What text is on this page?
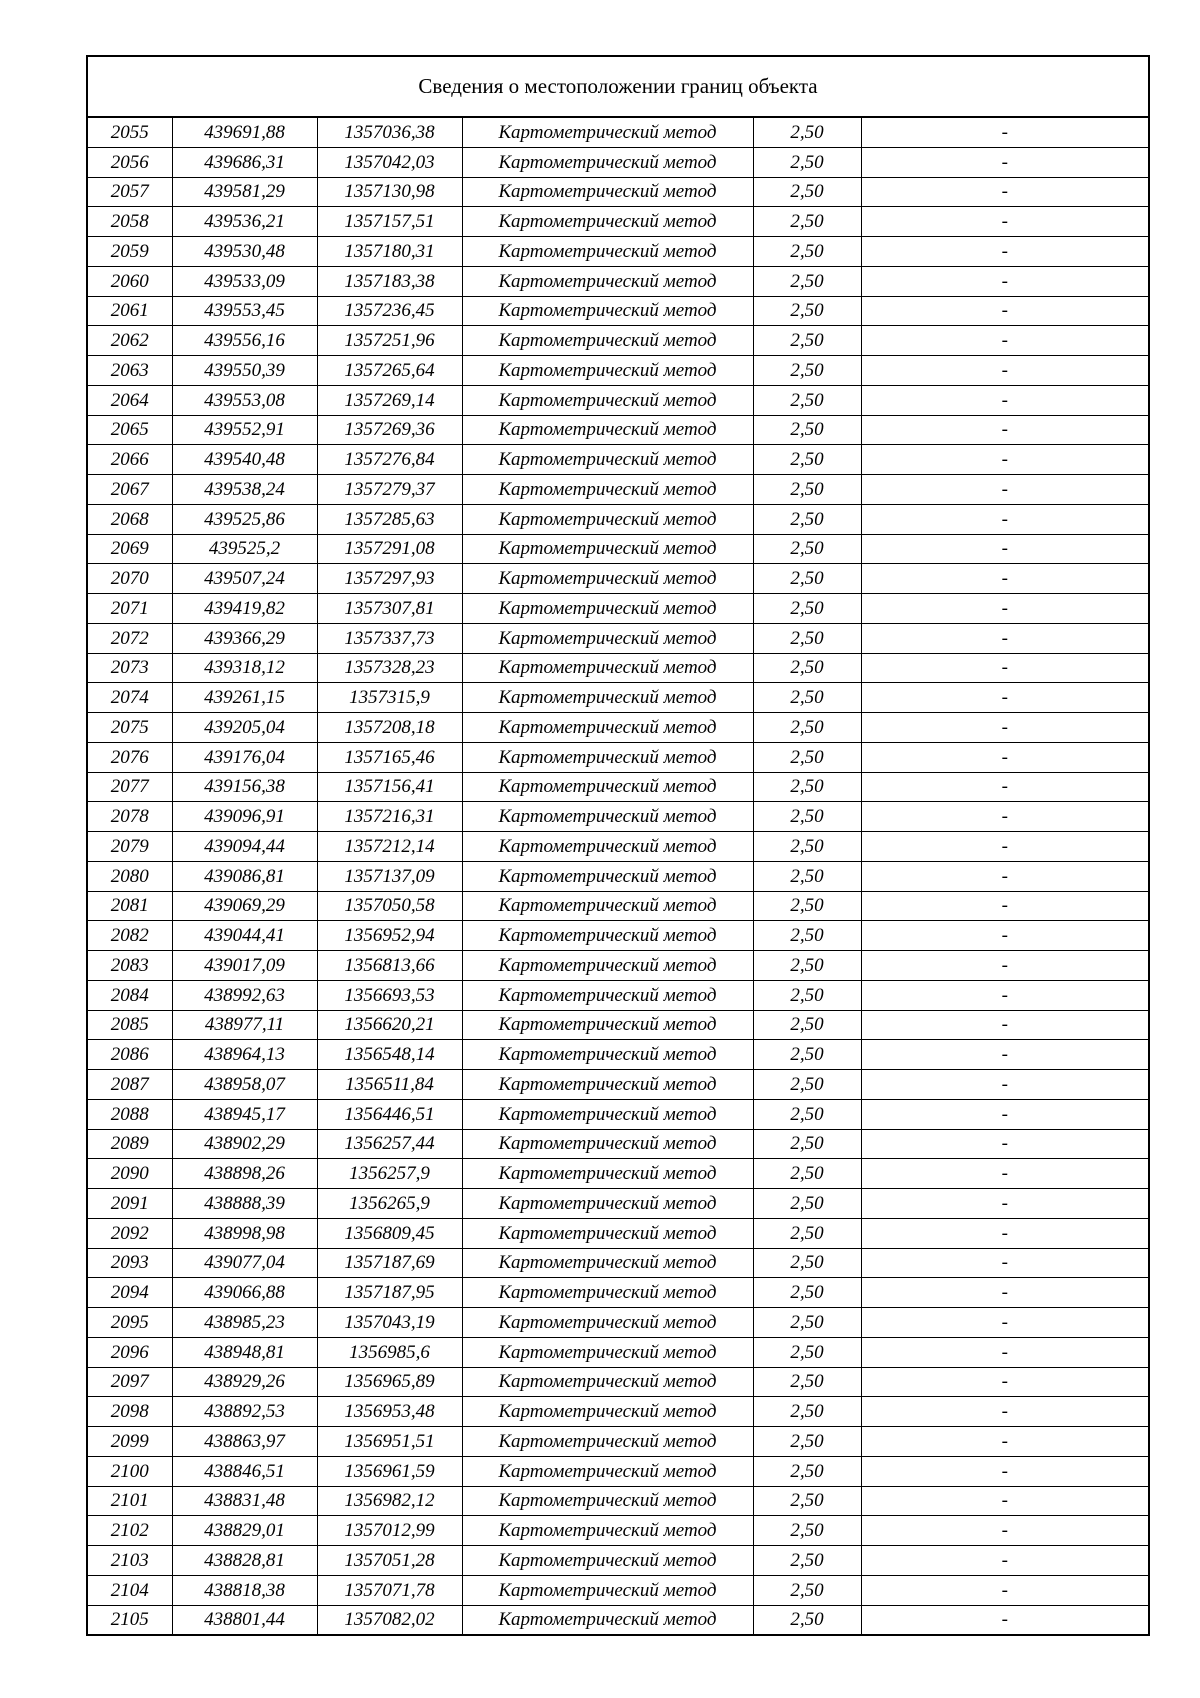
Сведения о местоположении границ объекта					
2055	439691,88	1357036,38	Картометрический метод	2,50	-
2056	439686,31	1357042,03	Картометрический метод	2,50	-
2057	439581,29	1357130,98	Картометрический метод	2,50	-
2058	439536,21	1357157,51	Картометрический метод	2,50	-
2059	439530,48	1357180,31	Картометрический метод	2,50	-
2060	439533,09	1357183,38	Картометрический метод	2,50	-
2061	439553,45	1357236,45	Картометрический метод	2,50	-
2062	439556,16	1357251,96	Картометрический метод	2,50	-
2063	439550,39	1357265,64	Картометрический метод	2,50	-
2064	439553,08	1357269,14	Картометрический метод	2,50	-
2065	439552,91	1357269,36	Картометрический метод	2,50	-
2066	439540,48	1357276,84	Картометрический метод	2,50	-
2067	439538,24	1357279,37	Картометрический метод	2,50	-
2068	439525,86	1357285,63	Картометрический метод	2,50	-
2069	439525,2	1357291,08	Картометрический метод	2,50	-
2070	439507,24	1357297,93	Картометрический метод	2,50	-
2071	439419,82	1357307,81	Картометрический метод	2,50	-
2072	439366,29	1357337,73	Картометрический метод	2,50	-
2073	439318,12	1357328,23	Картометрический метод	2,50	-
2074	439261,15	1357315,9	Картометрический метод	2,50	-
2075	439205,04	1357208,18	Картометрический метод	2,50	-
2076	439176,04	1357165,46	Картометрический метод	2,50	-
2077	439156,38	1357156,41	Картометрический метод	2,50	-
2078	439096,91	1357216,31	Картометрический метод	2,50	-
2079	439094,44	1357212,14	Картометрический метод	2,50	-
2080	439086,81	1357137,09	Картометрический метод	2,50	-
2081	439069,29	1357050,58	Картометрический метод	2,50	-
2082	439044,41	1356952,94	Картометрический метод	2,50	-
2083	439017,09	1356813,66	Картометрический метод	2,50	-
2084	438992,63	1356693,53	Картометрический метод	2,50	-
2085	438977,11	1356620,21	Картометрический метод	2,50	-
2086	438964,13	1356548,14	Картометрический метод	2,50	-
2087	438958,07	1356511,84	Картометрический метод	2,50	-
2088	438945,17	1356446,51	Картометрический метод	2,50	-
2089	438902,29	1356257,44	Картометрический метод	2,50	-
2090	438898,26	1356257,9	Картометрический метод	2,50	-
2091	438888,39	1356265,9	Картометрический метод	2,50	-
2092	438998,98	1356809,45	Картометрический метод	2,50	-
2093	439077,04	1357187,69	Картометрический метод	2,50	-
2094	439066,88	1357187,95	Картометрический метод	2,50	-
2095	438985,23	1357043,19	Картометрический метод	2,50	-
2096	438948,81	1356985,6	Картометрический метод	2,50	-
2097	438929,26	1356965,89	Картометрический метод	2,50	-
2098	438892,53	1356953,48	Картометрический метод	2,50	-
2099	438863,97	1356951,51	Картометрический метод	2,50	-
2100	438846,51	1356961,59	Картометрический метод	2,50	-
2101	438831,48	1356982,12	Картометрический метод	2,50	-
2102	438829,01	1357012,99	Картометрический метод	2,50	-
2103	438828,81	1357051,28	Картометрический метод	2,50	-
2104	438818,38	1357071,78	Картометрический метод	2,50	-
2105	438801,44	1357082,02	Картометрический метод	2,50	-
